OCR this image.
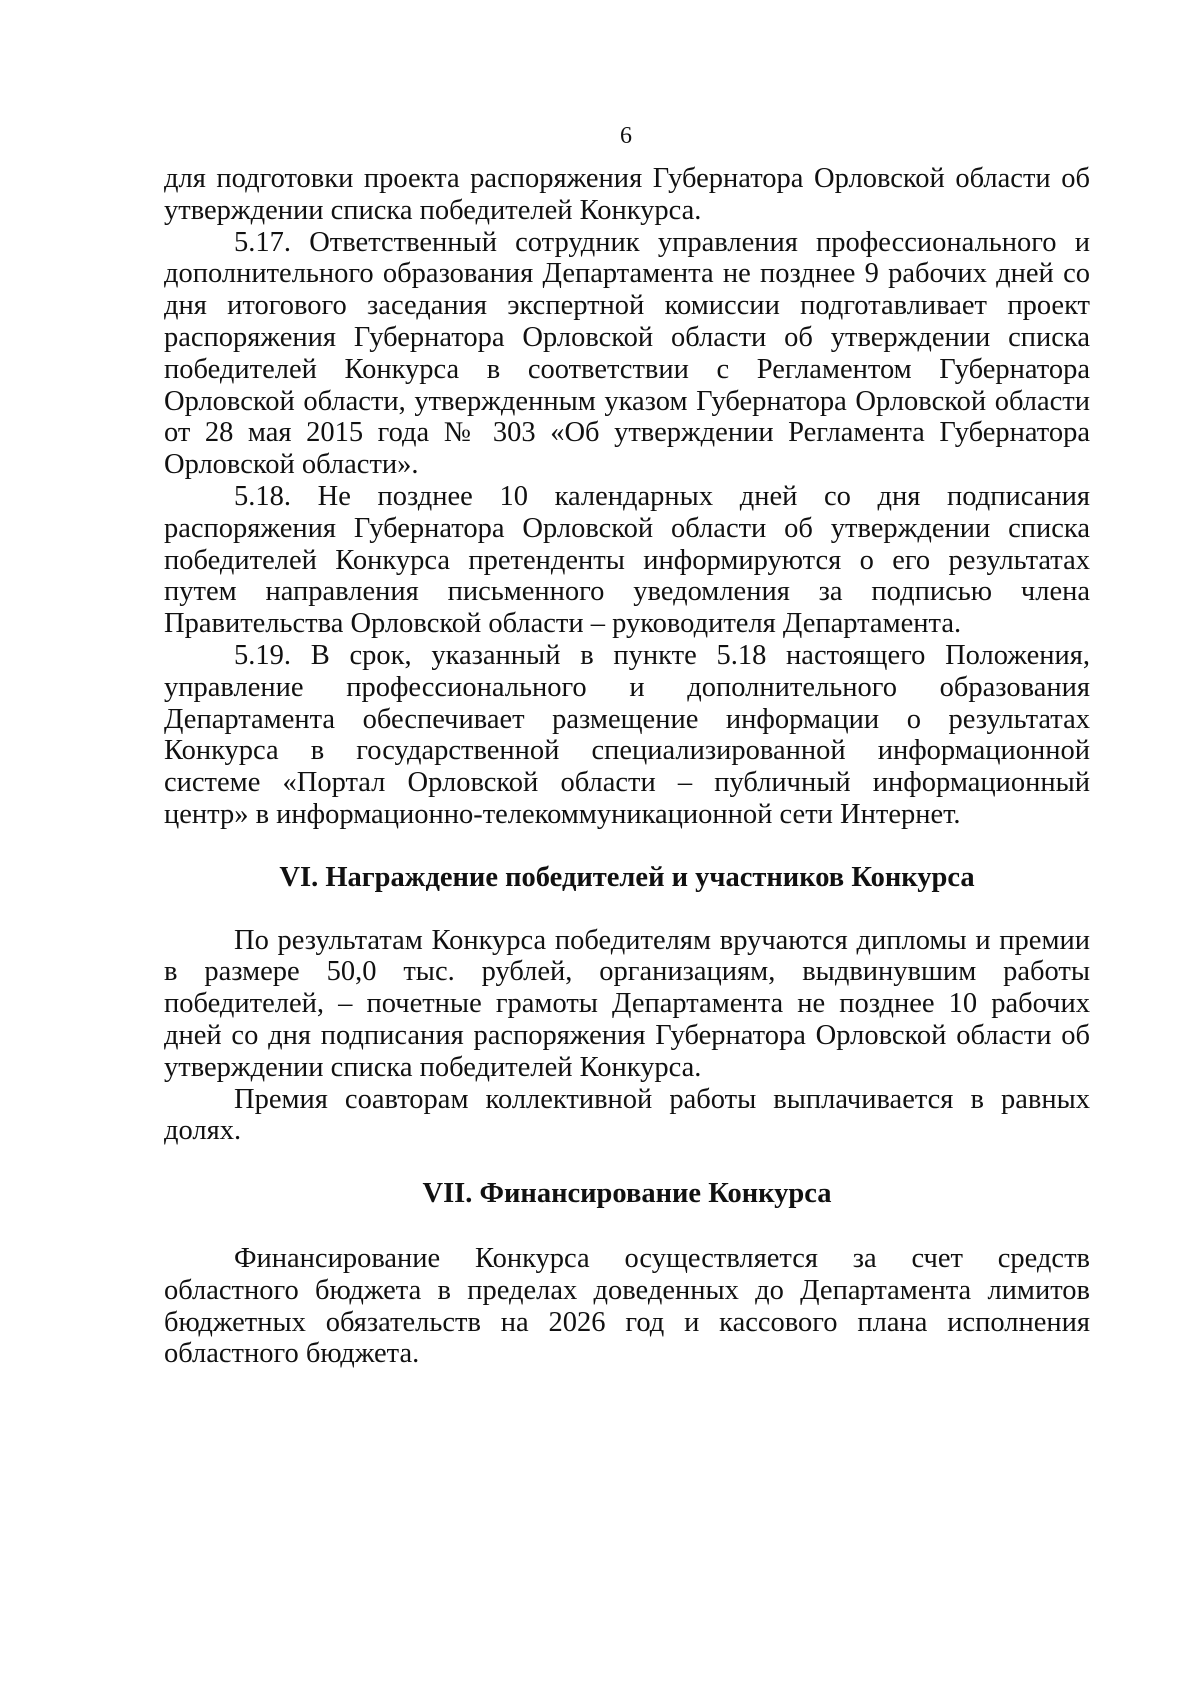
6

для подготовки проекта распоряжения Губернатора Орловской области об утверждении списка победителей Конкурса.

5.17. Ответственный сотрудник управления профессионального и дополнительного образования Департамента не позднее 9 рабочих дней со дня итогового заседания экспертной комиссии подготавливает проект распоряжения Губернатора Орловской области об утверждении списка победителей Конкурса в соответствии с Регламентом Губернатора Орловской области, утвержденным указом Губернатора Орловской области от 28 мая 2015 года № 303 «Об утверждении Регламента Губернатора Орловской области».

5.18. Не позднее 10 календарных дней со дня подписания распоряжения Губернатора Орловской области об утверждении списка победителей Конкурса претенденты информируются о его результатах путем направления письменного уведомления за подписью члена Правительства Орловской области – руководителя Департамента.

5.19. В срок, указанный в пункте 5.18 настоящего Положения, управление профессионального и дополнительного образования Департамента обеспечивает размещение информации о результатах Конкурса в государственной специализированной информационной системе «Портал Орловской области – публичный информационный центр» в информационно-телекоммуникационной сети Интернет.

VI. Награждение победителей и участников Конкурса

По результатам Конкурса победителям вручаются дипломы и премии в размере 50,0 тыс. рублей, организациям, выдвинувшим работы победителей, – почетные грамоты Департамента не позднее 10 рабочих дней со дня подписания распоряжения Губернатора Орловской области об утверждении списка победителей Конкурса.

Премия соавторам коллективной работы выплачивается в равных долях.

VII. Финансирование Конкурса

Финансирование Конкурса осуществляется за счет средств областного бюджета в пределах доведенных до Департамента лимитов бюджетных обязательств на 2026 год и кассового плана исполнения областного бюджета.
